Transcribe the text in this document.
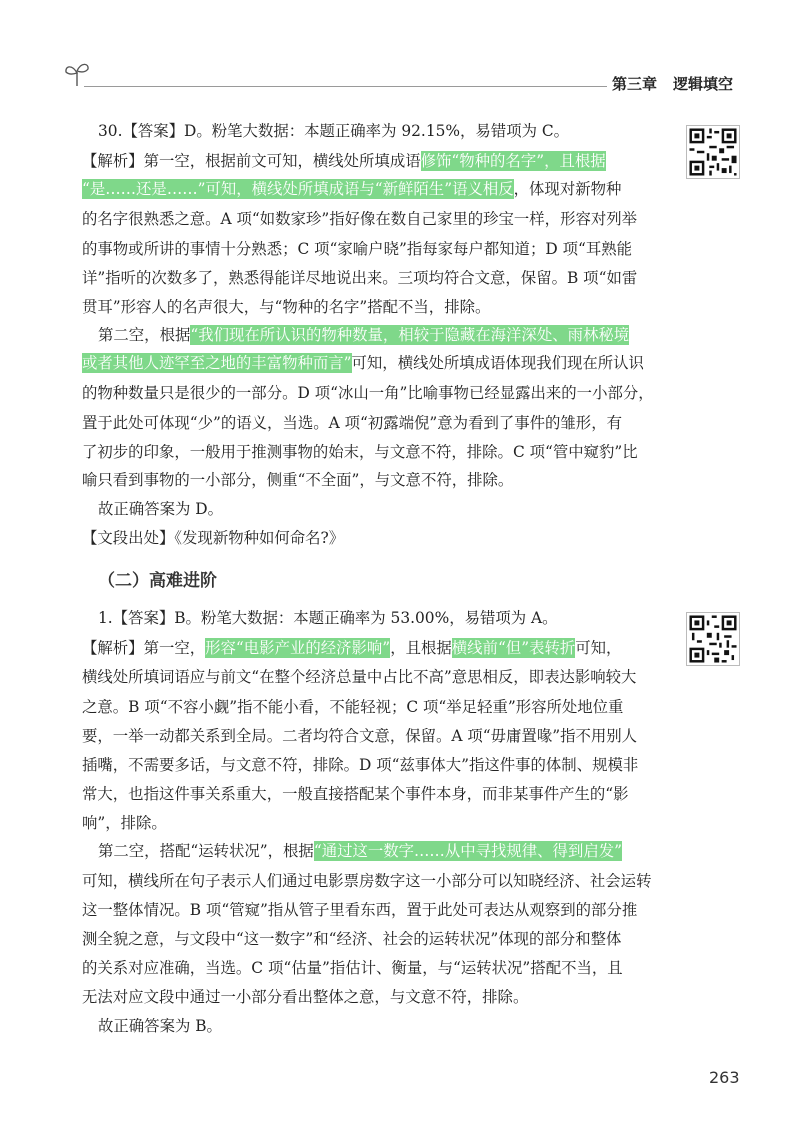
第三章 逻辑填空
30.【答案】D。粉笔大数据：本题正确率为 92.15%，易错项为 C。
【解析】第一空，根据前文可知，横线处所填成语修饰“物种的名字”，且根据
“是……还是……”可知，横线处所填成语与“新鲜陌生”语义相反，体现对新物种
的名字很熟悉之意。A 项“如数家珍”指好像在数自己家里的珍宝一样，形容对列举
的事物或所讲的事情十分熟悉；C 项“家喻户晓”指每家每户都知道；D 项“耳熟能
详”指听的次数多了，熟悉得能详尽地说出来。三项均符合文意，保留。B 项“如雷
贯耳”形容人的名声很大，与“物种的名字”搭配不当，排除。
第二空，根据“我们现在所认识的物种数量，相较于隐藏在海洋深处、雨林秘境
或者其他人迹罕至之地的丰富物种而言”可知，横线处所填成语体现我们现在所认识
的物种数量只是很少的一部分。D 项“冰山一角”比喻事物已经显露出来的一小部分，
置于此处可体现“少”的语义，当选。A 项“初露端倪”意为看到了事件的雏形，有
了初步的印象，一般用于推测事物的始末，与文意不符，排除。C 项“管中窥豹”比
喻只看到事物的一小部分，侧重“不全面”，与文意不符，排除。
故正确答案为 D。
【文段出处】《发现新物种如何命名?》
（二）高难进阶
1.【答案】B。粉笔大数据：本题正确率为 53.00%，易错项为 A。
【解析】第一空，形容“电影产业的经济影响”，且根据横线前“但”表转折可知，
横线处所填词语应与前文“在整个经济总量中占比不高”意思相反，即表达影响较大
之意。B 项“不容小觑”指不能小看，不能轻视；C 项“举足轻重”形容所处地位重
要，一举一动都关系到全局。二者均符合文意，保留。A 项“毋庸置喙”指不用别人
插嘴，不需要多话，与文意不符，排除。D 项“兹事体大”指这件事的体制、规模非
常大，也指这件事关系重大，一般直接搭配某个事件本身，而非某事件产生的“影
响”，排除。
第二空，搭配“运转状况”，根据“通过这一数字……从中寻找规律、得到启发”
可知，横线所在句子表示人们通过电影票房数字这一小部分可以知晓经济、社会运转
这一整体情况。B 项“管窥”指从管子里看东西，置于此处可表达从观察到的部分推
测全貌之意，与文段中“这一数字”和“经济、社会的运转状况”体现的部分和整体
的关系对应准确，当选。C 项“估量”指估计、衡量，与“运转状况”搭配不当，且
无法对应文段中通过一小部分看出整体之意，与文意不符，排除。
故正确答案为 B。
263
